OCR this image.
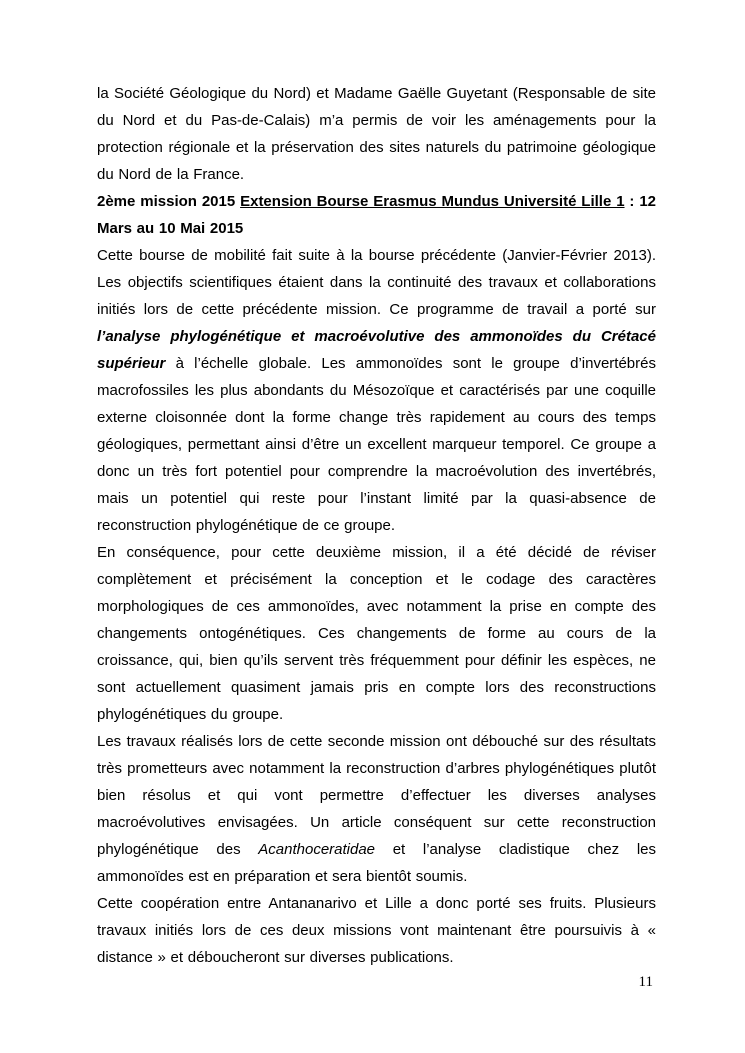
la Société Géologique du Nord) et Madame Gaëlle Guyetant (Responsable de site du Nord et du Pas-de-Calais) m’a permis de voir les aménagements pour la protection régionale et la préservation des sites naturels du patrimoine géologique du Nord de la France.

2ème mission 2015 Extension Bourse Erasmus Mundus Université Lille 1 : 12 Mars au 10 Mai 2015

Cette bourse de mobilité fait suite à la bourse précédente (Janvier-Février 2013). Les objectifs scientifiques étaient dans la continuité des travaux et collaborations initiés lors de cette précédente mission. Ce programme de travail a porté sur l’analyse phylogénétique et macroévolutive des ammonoïdes du Crétacé supérieur à l’échelle globale. Les ammonoïdes sont le groupe d’invertébrés macrofossiles les plus abondants du Mésozoïque et caractérisés par une coquille externe cloisonnée dont la forme change très rapidement au cours des temps géologiques, permettant ainsi d’être un excellent marqueur temporel. Ce groupe a donc un très fort potentiel pour comprendre la macroévolution des invertébrés, mais un potentiel qui reste pour l’instant limité par la quasi-absence de reconstruction phylogénétique de ce groupe.

En conséquence, pour cette deuxième mission, il a été décidé de réviser complètement et précisément la conception et le codage des caractères morphologiques de ces ammonoïdes, avec notamment la prise en compte des changements ontogénétiques. Ces changements de forme au cours de la croissance, qui, bien qu’ils servent très fréquemment pour définir les espèces, ne sont actuellement quasiment jamais pris en compte lors des reconstructions phylogénétiques du groupe.

Les travaux réalisés lors de cette seconde mission ont débouché sur des résultats très prometteurs avec notamment la reconstruction d’arbres phylogénétiques plutôt bien résolus et qui vont permettre d’effectuer les diverses analyses macroévolutives envisagées. Un article conséquent sur cette reconstruction phylogénétique des Acanthoceratidae et l’analyse cladistique chez les ammonoïdes est en préparation et sera bientôt soumis.

Cette coopération entre Antananarivo et Lille a donc porté ses fruits. Plusieurs travaux initiés lors de ces deux missions vont maintenant être poursuivis à « distance » et déboucheront sur diverses publications.

11
